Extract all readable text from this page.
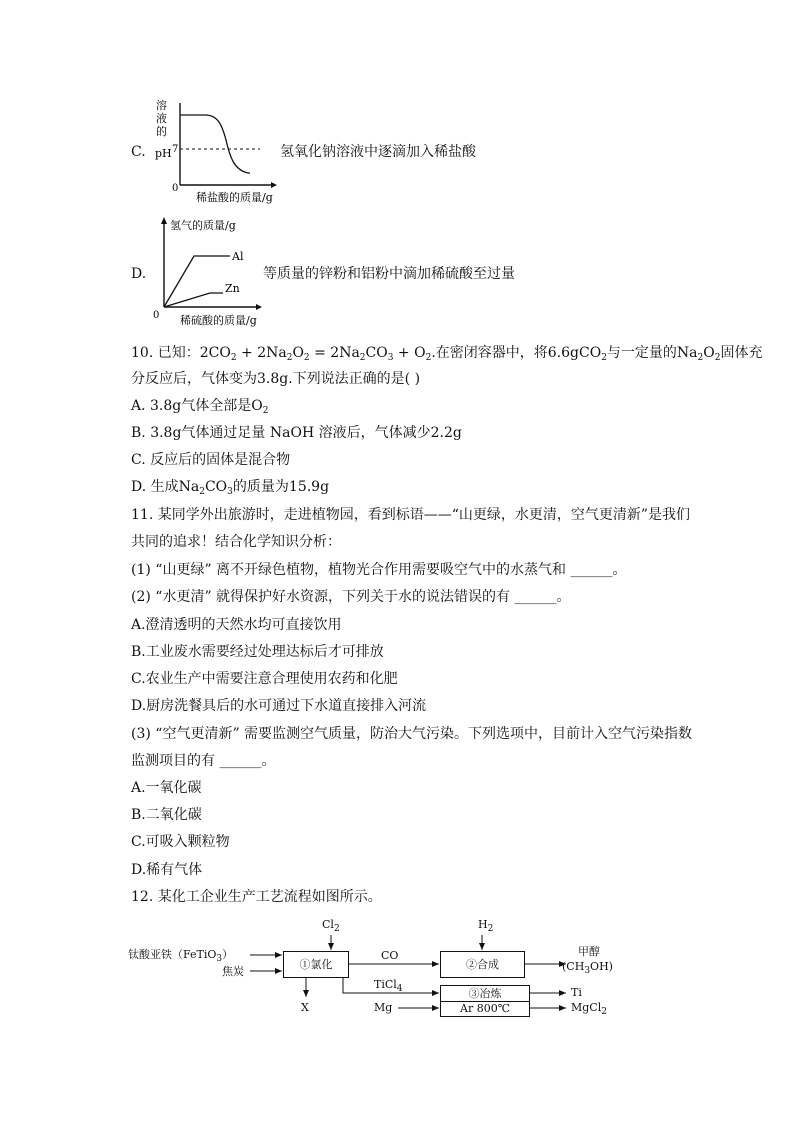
C.
溶
液
的
pH 7
0
稀盐酸的质量/g
氢氧化钠溶液中逐滴加入稀盐酸
D.
氢气的质量/g
Al
Zn
0 稀硫酸的质量/g
等质量的锌粉和铝粉中滴加稀硫酸至过量
10. 已知：$2CO_2 + 2Na_2O_2 = 2Na_2CO_3 + O_2$.在密闭容器中，将6.6gCO$_2$与一定量的$Na_2O_2$固体充
分反应后，气体变为3.8g.下列说法正确的是( )
A. 3.8g气体全部是$O_2$
B. 3.8g气体通过足量 NaOH 溶液后，气体减少2.2g
C. 反应后的固体是混合物
D. 生成$Na_2CO_3$的质量为15.9g
11. 某同学外出旅游时，走进植物园，看到标语——“山更绿，水更清，空气更清新”是我们
共同的追求！结合化学知识分析：
(1) “山更绿” 离不开绿色植物，植物光合作用需要吸空气中的水蒸气和 ______。
(2) “水更清” 就得保护好水资源，下列关于水的说法错误的有 ______。
A.澄清透明的天然水均可直接饮用
B.工业废水需要经过处理达标后才可排放
C.农业生产中需要注意合理使用农药和化肥
D.厨房洗餐具后的水可通过下水道直接排入河流
(3) “空气更清新” 需要监测空气质量，防治大气污染。下列选项中，目前计入空气污染指数
监测项目的有 ______。
A.一氧化碳
B.二氧化碳
C.可吸入颗粒物
D.稀有气体
12. 某化工企业生产工艺流程如图所示。
钛酸亚铁（FeTiO$_3$）
焦炭
$Cl_2$	$H_2$
①氯化	②合成
③冶炼
Ar 800℃
CO
TiCl$_4$
Mg
X
甲醇
$(CH_3OH)$
Ti
MgCl$_2$
